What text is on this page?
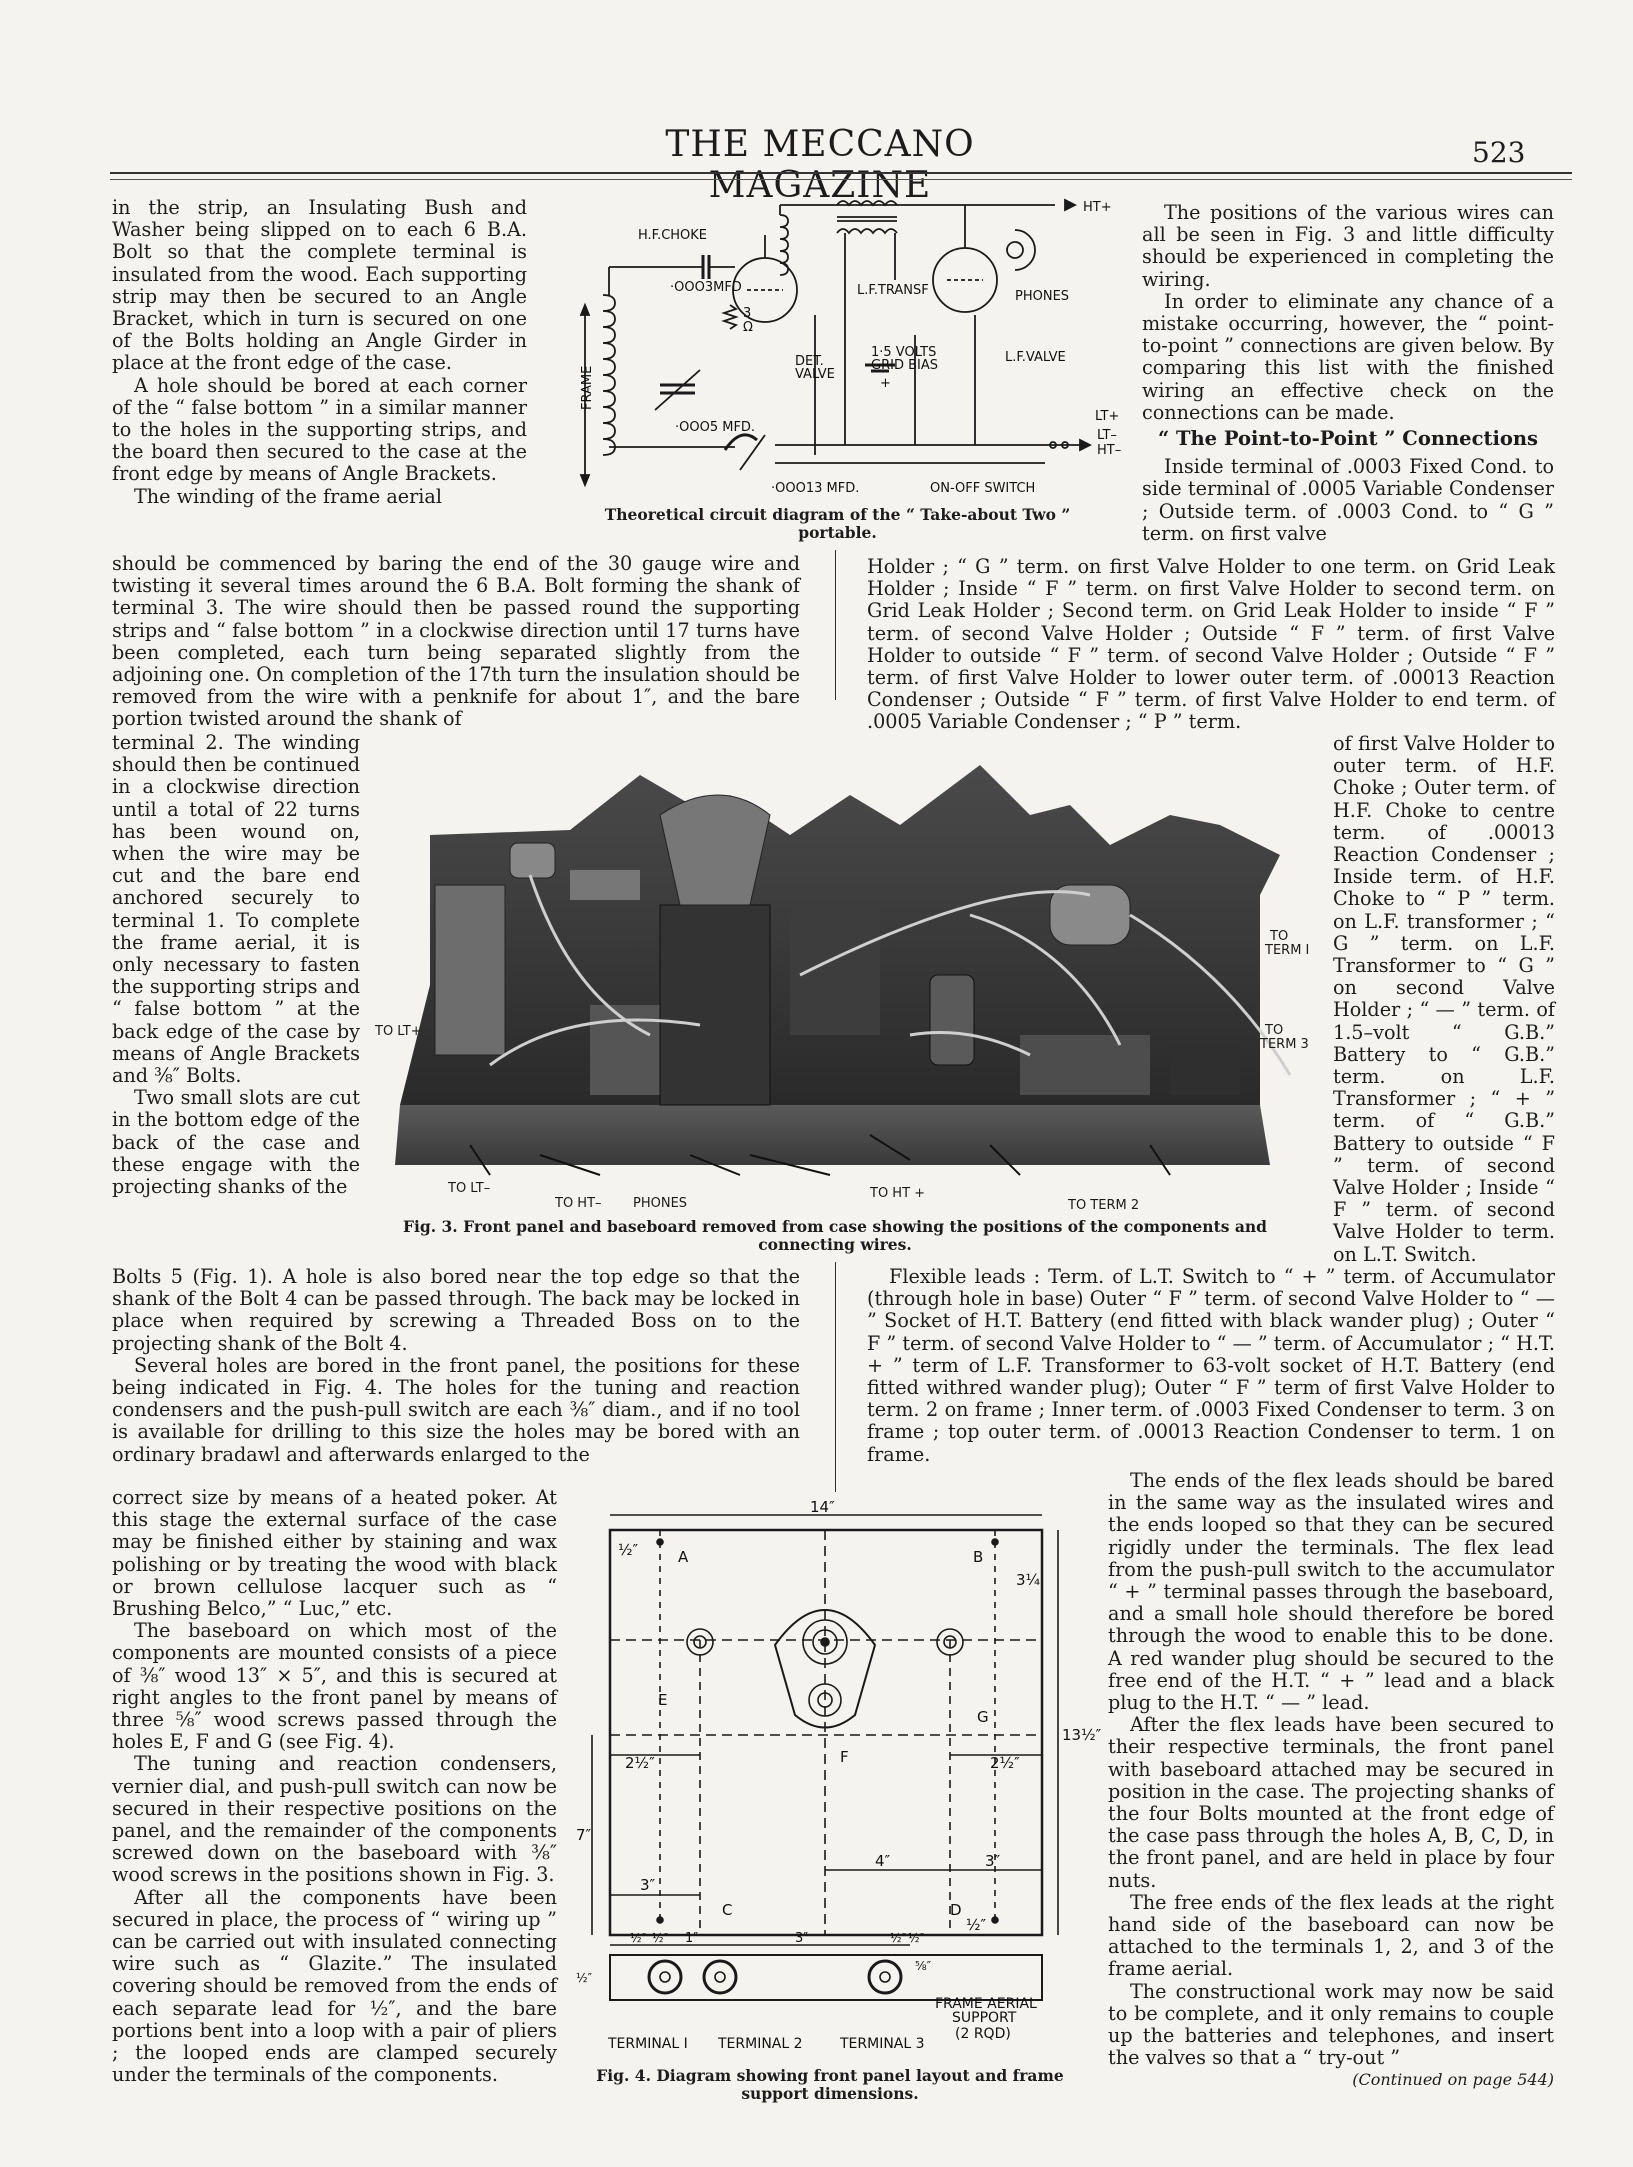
THE MECCANO MAGAZINE
523

in the strip, an Insulating Bush and Washer being slipped on to each 6 B.A. Bolt so that the complete terminal is insulated from the wood. Each supporting strip may then be secured to an Angle Bracket, which in turn is secured on one of the Bolts holding an Angle Girder in place at the front edge of the case.

A hole should be bored at each corner of the “ false bottom ” in a similar manner to the holes in the supporting strips, and the board then secured to the case at the front edge by means of Angle Brackets.

The winding of the frame aerial

H.F.CHOKE
·OOO3MFD
DET.
VALVE
L.F.TRANSF
1·5 VOLTS
GRID BIAS
+
·OOO5 MFD.
·OOO13 MFD.	ON-OFF SWITCH
PHONES
L.F.VALVE
HT+
LT+
LT–
HT–
3
Ω
FRAME
Theoretical circuit diagram of the “ Take-about Two ” portable.

The positions of the various wires can all be seen in Fig. 3 and little difficulty should be experienced in completing the wiring.

In order to eliminate any chance of a mistake occurring, however, the “ point-to-point ” connections are given below. By comparing this list with the finished wiring an effective check on the connections can be made.

“ The Point-to-Point ” Connections

Inside terminal of .0003 Fixed Cond. to side terminal of .0005 Variable Condenser ; Outside term. of .0003 Cond. to “ G ” term. on first valve

should be commenced by baring the end of the 30 gauge wire and twisting it several times around the 6 B.A. Bolt forming the shank of terminal 3. The wire should then be passed round the supporting strips and “ false bottom ” in a clockwise direction until 17 turns have been completed, each turn being separated slightly from the adjoining one. On completion of the 17th turn the insulation should be removed from the wire with a penknife for about 1″, and the bare portion twisted around the shank of
Holder ; “ G ” term. on first Valve Holder to one term. on Grid Leak Holder ; Inside “ F ” term. on first Valve Holder to second term. on Grid Leak Holder ; Second term. on Grid Leak Holder to inside “ F ” term. of second Valve Holder ; Outside “ F ” term. of first Valve Holder to outside “ F ” term. of second Valve Holder ; Outside “ F ” term. of first Valve Holder to lower outer term. of .00013 Reaction Condenser ; Outside “ F ” term. of first Valve Holder to end term. of .0005 Variable Condenser ; “ P ” term.

terminal 2. The winding should then be continued in a clockwise direction until a total of 22 turns has been wound on, when the wire may be cut and the bare end anchored securely to terminal 1. To complete the frame aerial, it is only necessary to fasten the supporting strips and “ false bottom ” at the back edge of the case by means of Angle Brackets and ⅜″ Bolts.

Two small slots are cut in the bottom edge of the back of the case and these engage with the projecting shanks of the

of first Valve Holder to outer term. of H.F. Choke ; Outer term. of H.F. Choke to centre term. of .00013 Reaction Condenser ; Inside term. of H.F. Choke to “ P ” term. on L.F. transformer ; “ G ” term. on L.F. Transformer to “ G ” on second Valve Holder ; “ — ” term. of 1.5–volt “ G.B.” Battery to “ G.B.” term. on L.F. Transformer ; “ + ” term. of “ G.B.” Battery to outside “ F ” term. of second Valve Holder ; Inside “ F ” term. of second Valve Holder to term. on L.T. Switch.
TO LT+
TO LT–
TO HT– PHONES
TO HT +
TO TERM 2
TO
TERM I
TO
TERM 3
Fig. 3. Front panel and baseboard removed from case showing the positions of the components and connecting wires.

Bolts 5 (Fig. 1). A hole is also bored near the top edge so that the shank of the Bolt 4 can be passed through. The back may be locked in place when required by screwing a Threaded Boss on to the projecting shank of the Bolt 4.

Several holes are bored in the front panel, the positions for these being indicated in Fig. 4. The holes for the tuning and reaction condensers and the push-pull switch are each ⅜″ diam., and if no tool is available for drilling to this size the holes may be bored with an ordinary bradawl and afterwards enlarged to the

Flexible leads : Term. of L.T. Switch to “ + ” term. of Accumulator (through hole in base) Outer “ F ” term. of second Valve Holder to “ — ” Socket of H.T. Battery (end fitted with black wander plug) ; Outer “ F ” term. of second Valve Holder to “ — ” term. of Accumulator ; “ H.T. + ” term of L.F. Transformer to 63-volt socket of H.T. Battery (end fitted withred wander plug); Outer “ F ” term of first Valve Holder to term. 2 on frame ; Inner term. of .0003 Fixed Condenser to term. 3 on frame ; top outer term. of .00013 Reaction Condenser to term. 1 on frame.

correct size by means of a heated poker. At this stage the external surface of the case may be finished either by staining and wax polishing or by treating the wood with black or brown cellulose lacquer such as “ Brushing Belco,” “ Luc,” etc.

The baseboard on which most of the components are mounted consists of a piece of ⅜″ wood 13″ × 5″, and this is secured at right angles to the front panel by means of three ⅝″ wood screws passed through the holes E, F and G (see Fig. 4).

The tuning and reaction condensers, vernier dial, and push-pull switch can now be secured in their respective positions on the panel, and the remainder of the components screwed down on the baseboard with ⅜″ wood screws in the positions shown in Fig. 3.

After all the components have been secured in place, the process of “ wiring up ” can be carried out with insulated connecting wire such as “ Glazite.” The insulated covering should be removed from the ends of each separate lead for ½″, and the bare portions bent into a loop with a pair of pliers ; the looped ends are clamped securely under the terminals of the components.

14″
13½″
3¼
½″
½″
A	B
C	D
E
F
G
2½″	2½″
4″	3″
3″
7″
½″ ½″ 1″	3″	½″ ½″
⅝″
½″
TERMINAL I TERMINAL 2	TERMINAL 3
FRAME AERIAL
SUPPORT
(2 RQD)
Fig. 4. Diagram showing front panel layout and frame support dimensions.

The ends of the flex leads should be bared in the same way as the insulated wires and the ends looped so that they can be secured rigidly under the terminals. The flex lead from the push-pull switch to the accumulator “ + ” terminal passes through the baseboard, and a small hole should therefore be bored through the wood to enable this to be done. A red wander plug should be secured to the free end of the H.T. “ + ” lead and a black plug to the H.T. “ — ” lead.

After the flex leads have been secured to their respective terminals, the front panel with baseboard attached may be secured in position in the case. The projecting shanks of the four Bolts mounted at the front edge of the case pass through the holes A, B, C, D, in the front panel, and are held in place by four nuts.

The free ends of the flex leads at the right hand side of the baseboard can now be attached to the terminals 1, 2, and 3 of the frame aerial.

The constructional work may now be said to be complete, and it only remains to couple up the batteries and telephones, and insert the valves so that a “ try-out ”

(Continued on page 544)
